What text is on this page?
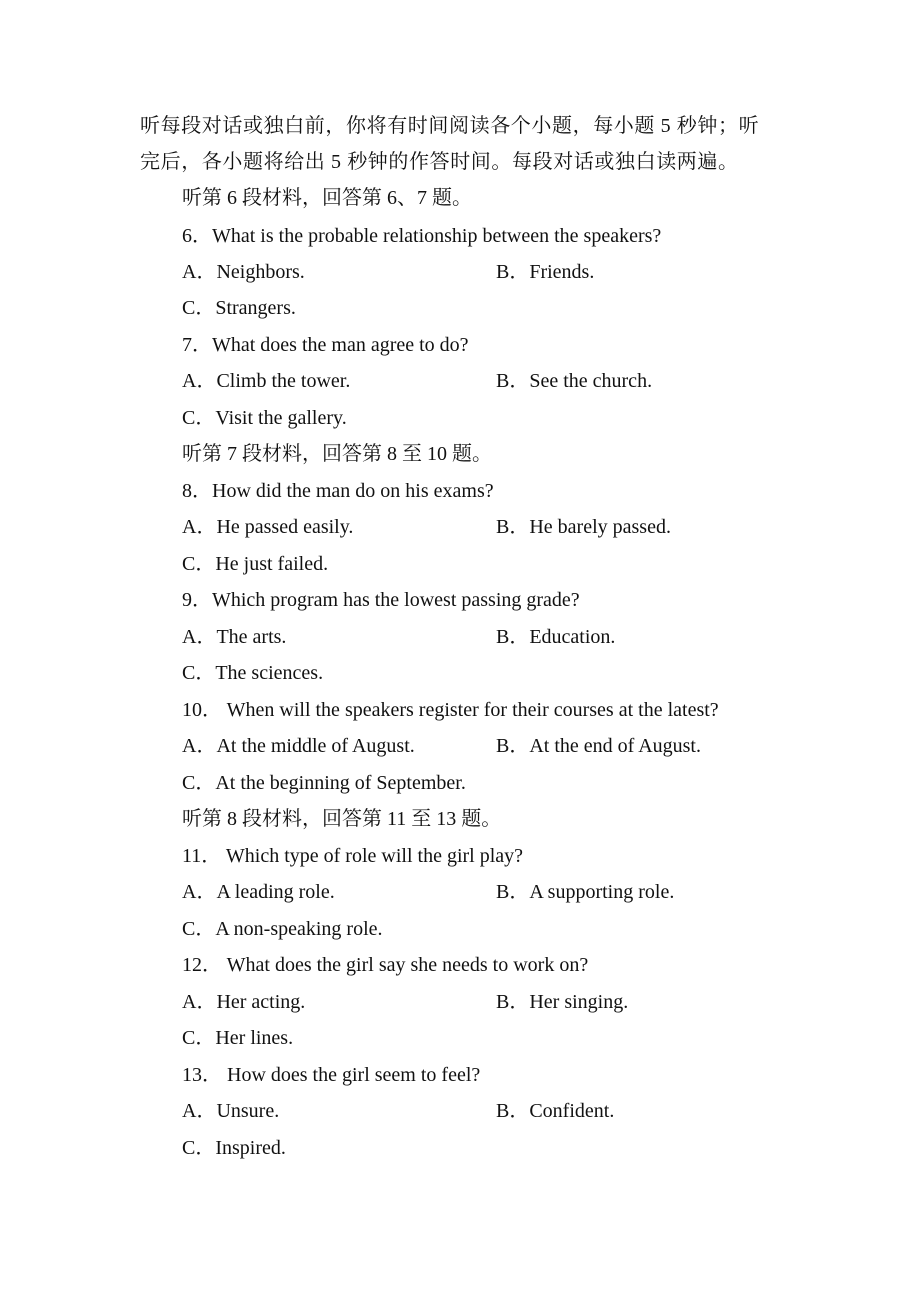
听每段对话或独白前，你将有时间阅读各个小题，每小题 5 秒钟；听
完后，各小题将给出 5 秒钟的作答时间。每段对话或独白读两遍。
听第 6 段材料，回答第 6、7 题。
6．What is the probable relationship between the speakers?
A．Neighbors.	B．Friends.
C．Strangers.
7．What does the man agree to do?
A．Climb the tower.	B．See the church.
C．Visit the gallery.
听第 7 段材料，回答第 8 至 10 题。
8．How did the man do on his exams?
A．He passed easily.	B．He barely passed.
C．He just failed.
9．Which program has the lowest passing grade?
A．The arts.	B．Education.
C．The sciences.
10． When will the speakers register for their courses at the latest?
A．At the middle of August.	B．At the end of August.
C．At the beginning of September.
听第 8 段材料，回答第 11 至 13 题。
11． Which type of role will the girl play?
A．A leading role.	B．A supporting role.
C．A non-speaking role.
12． What does the girl say she needs to work on?
A．Her acting.	B．Her singing.
C．Her lines.
13． How does the girl seem to feel?
A．Unsure.	B．Confident.
C．Inspired.
